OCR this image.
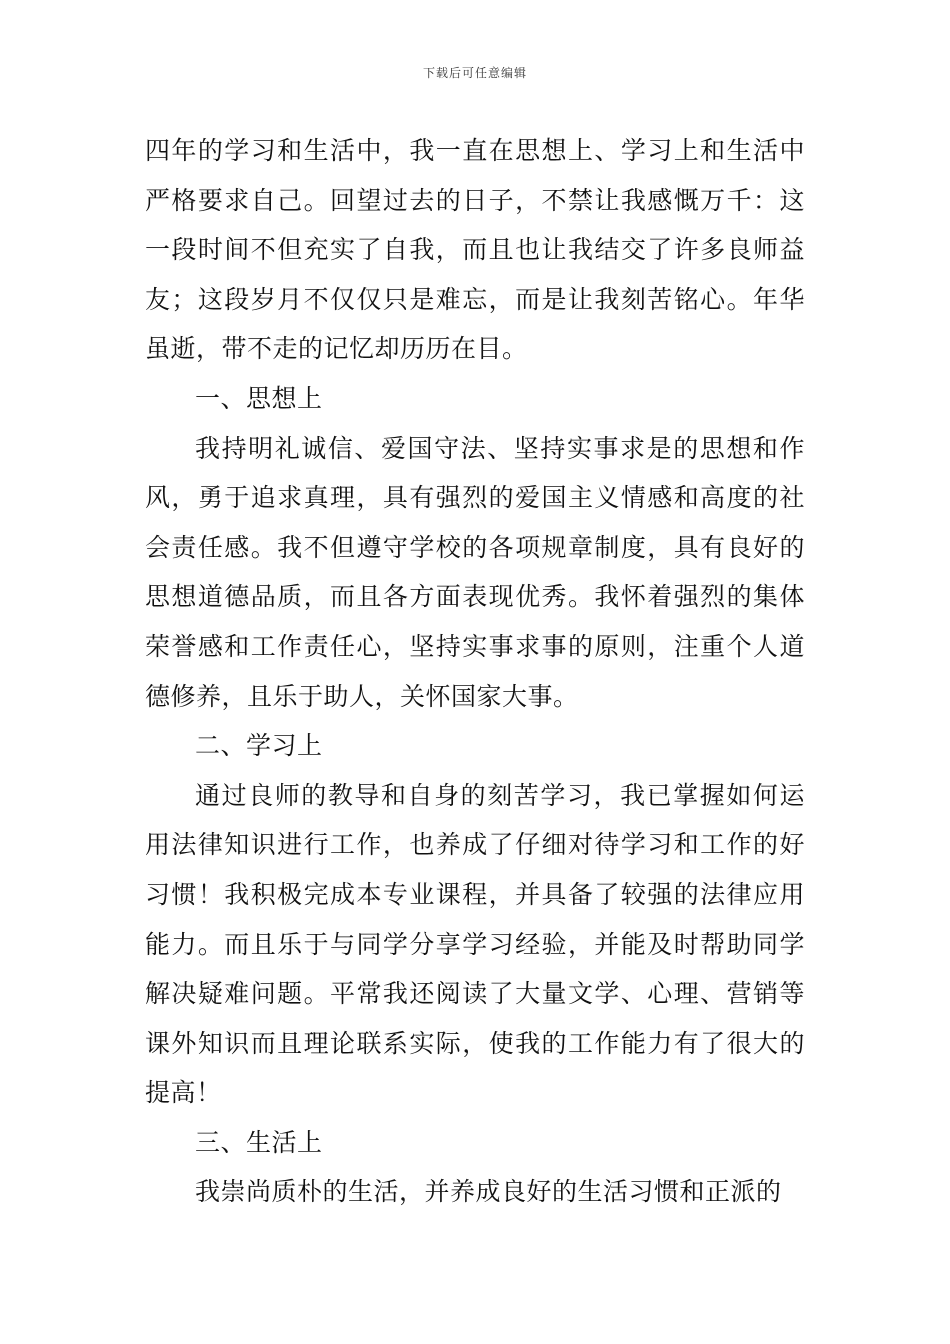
下载后可任意编辑

四年的学习和生活中，我一直在思想上、学习上和生活中严格要求自己。回望过去的日子，不禁让我感慨万千：这一段时间不但充实了自我，而且也让我结交了许多良师益友；这段岁月不仅仅只是难忘，而是让我刻苦铭心。年华虽逝，带不走的记忆却历历在目。

一、思想上

我持明礼诚信、爱国守法、坚持实事求是的思想和作风，勇于追求真理，具有强烈的爱国主义情感和高度的社会责任感。我不但遵守学校的各项规章制度，具有良好的思想道德品质，而且各方面表现优秀。我怀着强烈的集体荣誉感和工作责任心，坚持实事求事的原则，注重个人道德修养，且乐于助人，关怀国家大事。

二、学习上

通过良师的教导和自身的刻苦学习，我已掌握如何运用法律知识进行工作，也养成了仔细对待学习和工作的好习惯！我积极完成本专业课程，并具备了较强的法律应用能力。而且乐于与同学分享学习经验，并能及时帮助同学解决疑难问题。平常我还阅读了大量文学、心理、营销等课外知识而且理论联系实际，使我的工作能力有了很大的提高！

三、生活上

我崇尚质朴的生活，并养成良好的生活习惯和正派的
